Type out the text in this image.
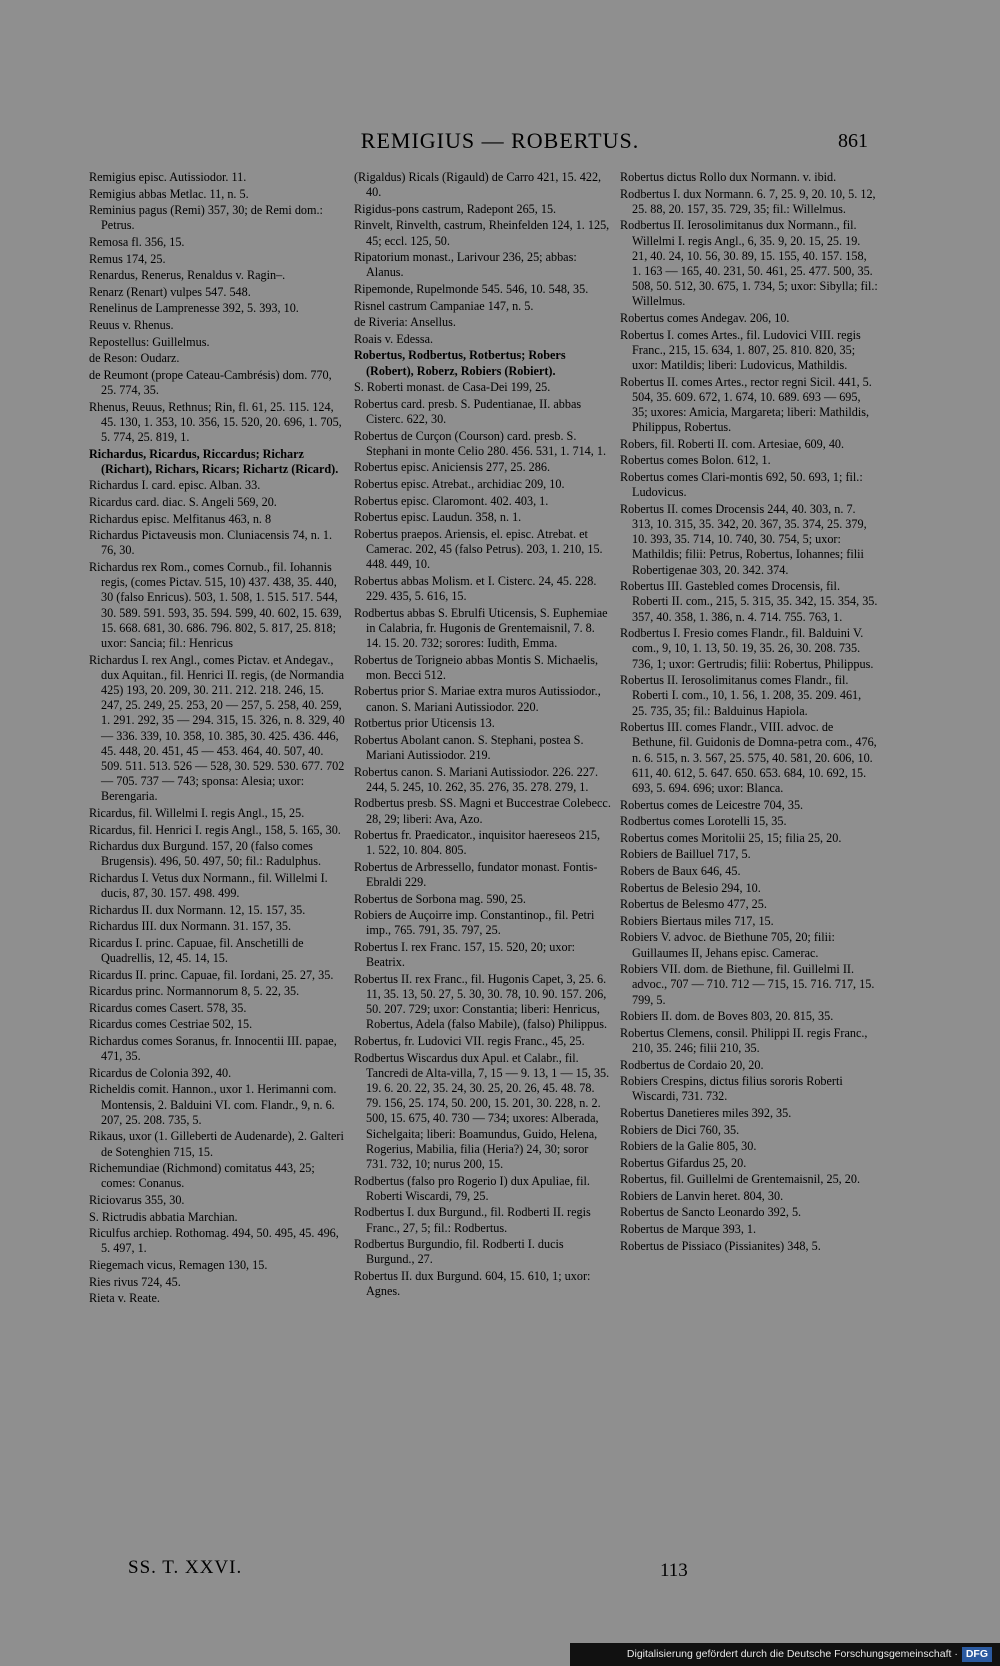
REMIGIUS — ROBERTUS.	861
Remigius episc. Autissiodor. 11.
Remigius abbas Metlac. 11, n. 5.
Reminius pagus (Remi) 357, 30; de Remi dom.: Petrus.
Remosa fl. 356, 15.
Remus 174, 25.
Renardus, Renerus, Renaldus v. Ragin–.
Renarz (Renart) vulpes 547. 548.
Renelinus de Lamprenesse 392, 5. 393, 10.
Reuus v. Rhenus.
Repostellus: Guillelmus.
de Reson: Oudarz.
de Reumont (prope Cateau-Cambrésis) dom. 770, 25. 774, 35.
Rhenus, Reuus, Rethnus; Rin, fl. 61, 25. 115. 124, 45. 130, 1. 353, 10. 356, 15. 520, 20. 696, 1. 705, 5. 774, 25. 819, 1.
Richardus, Ricardus, Riccardus; Richarz (Richart), Richars, Ricars; Richartz (Ricard).
Richardus I. card. episc. Alban. 33.
Ricardus card. diac. S. Angeli 569, 20.
Richardus episc. Melfitanus 463, n. 8
Richardus Pictaveusis mon. Cluniacensis 74, n. 1. 76, 30.
Richardus rex Rom., comes Cornub., fil. Iohannis regis, (comes Pictav. 515, 10) 437. 438, 35. 440, 30 (falso Enricus). 503, 1. 508, 1. 515. 517. 544, 30. 589. 591. 593, 35. 594. 599, 40. 602, 15. 639, 15. 668. 681, 30. 686. 796. 802, 5. 817, 25. 818; uxor: Sancia; fil.: Henricus
Richardus I. rex Angl., comes Pictav. et Andegav., dux Aquitan., fil. Henrici II. regis, (de Normandia 425) 193, 20. 209, 30. 211. 212. 218. 246, 15. 247, 25. 249, 25. 253, 20 — 257, 5. 258, 40. 259, 1. 291. 292, 35 — 294. 315, 15. 326, n. 8. 329, 40 — 336. 339, 10. 358, 10. 385, 30. 425. 436. 446, 45. 448, 20. 451, 45 — 453. 464, 40. 507, 40. 509. 511. 513. 526 — 528, 30. 529. 530. 677. 702 — 705. 737 — 743; sponsa: Alesia; uxor: Berengaria.
Ricardus, fil. Willelmi I. regis Angl., 15, 25.
Ricardus, fil. Henrici I. regis Angl., 158, 5. 165, 30.
Richardus dux Burgund. 157, 20 (falso comes Brugensis). 496, 50. 497, 50; fil.: Radulphus.
Richardus I. Vetus dux Normann., fil. Willelmi I. ducis, 87, 30. 157. 498. 499.
Richardus II. dux Normann. 12, 15. 157, 35.
Richardus III. dux Normann. 31. 157, 35.
Ricardus I. princ. Capuae, fil. Anschetilli de Quadrellis, 12, 45. 14, 15.
Ricardus II. princ. Capuae, fil. Iordani, 25. 27, 35.
Ricardus princ. Normannorum 8, 5. 22, 35.
Ricardus comes Casert. 578, 35.
Ricardus comes Cestriae 502, 15.
Richardus comes Soranus, fr. Innocentii III. papae, 471, 35.
Ricardus de Colonia 392, 40.
Richeldis comit. Hannon., uxor 1. Herimanni com. Montensis, 2. Balduini VI. com. Flandr., 9, n. 6. 207, 25. 208. 735, 5.
Rikaus, uxor (1. Gilleberti de Audenarde), 2. Galteri de Sotenghien 715, 15.
Richemundiae (Richmond) comitatus 443, 25; comes: Conanus.
Riciovarus 355, 30.
S. Rictrudis abbatia Marchian.
Riculfus archiep. Rothomag. 494, 50. 495, 45. 496, 5. 497, 1.
Riegemach vicus, Remagen 130, 15.
Ries rivus 724, 45.
Rieta v. Reate.
(Rigaldus) Ricals (Rigauld) de Carro 421, 15. 422, 40.
Rigidus-pons castrum, Radepont 265, 15.
Rinvelt, Rinvelth, castrum, Rheinfelden 124, 1. 125, 45; eccl. 125, 50.
Ripatorium monast., Larivour 236, 25; abbas: Alanus.
Ripemonde, Rupelmonde 545. 546, 10. 548, 35.
Risnel castrum Campaniae 147, n. 5.
de Riveria: Ansellus.
Roais v. Edessa.
Robertus, Rodbertus, Rotbertus; Robers (Robert), Roberz, Robiers (Robiert).
S. Roberti monast. de Casa-Dei 199, 25.
Robertus card. presb. S. Pudentianae, II. abbas Cisterc. 622, 30.
Robertus de Curçon (Courson) card. presb. S. Stephani in monte Celio 280. 456. 531, 1. 714, 1.
Robertus episc. Aniciensis 277, 25. 286.
Robertus episc. Atrebat., archidiac 209, 10.
Robertus episc. Claromont. 402. 403, 1.
Robertus episc. Laudun. 358, n. 1.
Robertus praepos. Ariensis, el. episc. Atrebat. et Camerac. 202, 45 (falso Petrus). 203, 1. 210, 15. 448. 449, 10.
Robertus abbas Molism. et I. Cisterc. 24, 45. 228. 229. 435, 5. 616, 15.
Rodbertus abbas S. Ebrulfi Uticensis, S. Euphemiae in Calabria, fr. Hugonis de Grentemaisnil, 7. 8. 14. 15. 20. 732; sorores: Iudith, Emma.
Robertus de Torigneio abbas Montis S. Michaelis, mon. Becci 512.
Robertus prior S. Mariae extra muros Autissiodor., canon. S. Mariani Autissiodor. 220.
Rotbertus prior Uticensis 13.
Robertus Abolant canon. S. Stephani, postea S. Mariani Autissiodor. 219.
Robertus canon. S. Mariani Autissiodor. 226. 227. 244, 5. 245, 10. 262, 35. 276, 35. 278. 279, 1.
Rodbertus presb. SS. Magni et Buccestrae Colebecc. 28, 29; liberi: Ava, Azo.
Robertus fr. Praedicator., inquisitor haereseos 215, 1. 522, 10. 804. 805.
Robertus de Arbressello, fundator monast. Fontis-Ebraldi 229.
Robertus de Sorbona mag. 590, 25.
Robiers de Auçoirre imp. Constantinop., fil. Petri imp., 765. 791, 35. 797, 25.
Robertus I. rex Franc. 157, 15. 520, 20; uxor: Beatrix.
Robertus II. rex Franc., fil. Hugonis Capet, 3, 25. 6. 11, 35. 13, 50. 27, 5. 30, 30. 78, 10. 90. 157. 206, 50. 207. 729; uxor: Constantia; liberi: Henricus, Robertus, Adela (falso Mabile), (falso) Philippus.
Robertus, fr. Ludovici VII. regis Franc., 45, 25.
Rodbertus Wiscardus dux Apul. et Calabr., fil. Tancredi de Alta-villa, 7, 15 — 9. 13, 1 — 15, 35. 19. 6. 20. 22, 35. 24, 30. 25, 20. 26, 45. 48. 78. 79. 156, 25. 174, 50. 200, 15. 201, 30. 228, n. 2. 500, 15. 675, 40. 730 — 734; uxores: Alberada, Sichelgaita; liberi: Boamundus, Guido, Helena, Rogerius, Mabilia, filia (Heria?) 24, 30; soror 731. 732, 10; nurus 200, 15.
Rodbertus (falso pro Rogerio I) dux Apuliae, fil. Roberti Wiscardi, 79, 25.
Rodbertus I. dux Burgund., fil. Rodberti II. regis Franc., 27, 5; fil.: Rodbertus.
Rodbertus Burgundio, fil. Rodberti I. ducis Burgund., 27.
Robertus II. dux Burgund. 604, 15. 610, 1; uxor: Agnes.
Robertus dictus Rollo dux Normann. v. ibid.
Rodbertus I. dux Normann. 6. 7, 25. 9, 20. 10, 5. 12, 25. 88, 20. 157, 35. 729, 35; fil.: Willelmus.
Rodbertus II. Ierosolimitanus dux Normann., fil. Willelmi I. regis Angl., 6, 35. 9, 20. 15, 25. 19. 21, 40. 24, 10. 56, 30. 89, 15. 155, 40. 157. 158, 1. 163 — 165, 40. 231, 50. 461, 25. 477. 500, 35. 508, 50. 512, 30. 675, 1. 734, 5; uxor: Sibylla; fil.: Willelmus.
Robertus comes Andegav. 206, 10.
Robertus I. comes Artes., fil. Ludovici VIII. regis Franc., 215, 15. 634, 1. 807, 25. 810. 820, 35; uxor: Matildis; liberi: Ludovicus, Mathildis.
Robertus II. comes Artes., rector regni Sicil. 441, 5. 504, 35. 609. 672, 1. 674, 10. 689. 693 — 695, 35; uxores: Amicia, Margareta; liberi: Mathildis, Philippus, Robertus.
Robers, fil. Roberti II. com. Artesiae, 609, 40.
Robertus comes Bolon. 612, 1.
Robertus comes Clari-montis 692, 50. 693, 1; fil.: Ludovicus.
Robertus II. comes Drocensis 244, 40. 303, n. 7. 313, 10. 315, 35. 342, 20. 367, 35. 374, 25. 379, 10. 393, 35. 714, 10. 740, 30. 754, 5; uxor: Mathildis; filii: Petrus, Robertus, Iohannes; filii Robertigenae 303, 20. 342. 374.
Robertus III. Gastebled comes Drocensis, fil. Roberti II. com., 215, 5. 315, 35. 342, 15. 354, 35. 357, 40. 358, 1. 386, n. 4. 714. 755. 763, 1.
Rodbertus I. Fresio comes Flandr., fil. Balduini V. com., 9, 10, 1. 13, 50. 19, 35. 26, 30. 208. 735. 736, 1; uxor: Gertrudis; filii: Robertus, Philippus.
Robertus II. Ierosolimitanus comes Flandr., fil. Roberti I. com., 10, 1. 56, 1. 208, 35. 209. 461, 25. 735, 35; fil.: Balduinus Hapiola.
Robertus III. comes Flandr., VIII. advoc. de Bethune, fil. Guidonis de Domna-petra com., 476, n. 6. 515, n. 3. 567, 25. 575, 40. 581, 20. 606, 10. 611, 40. 612, 5. 647. 650. 653. 684, 10. 692, 15. 693, 5. 694. 696; uxor: Blanca.
Robertus comes de Leicestre 704, 35.
Rodbertus comes Lorotelli 15, 35.
Robertus comes Moritolii 25, 15; filia 25, 20.
Robiers de Bailluel 717, 5.
Robers de Baux 646, 45.
Robertus de Belesio 294, 10.
Robertus de Belesmo 477, 25.
Robiers Biertaus miles 717, 15.
Robiers V. advoc. de Biethune 705, 20; filii: Guillaumes II, Jehans episc. Camerac.
Robiers VII. dom. de Biethune, fil. Guillelmi II. advoc., 707 — 710. 712 — 715, 15. 716. 717, 15. 799, 5.
Robiers II. dom. de Boves 803, 20. 815, 35.
Robertus Clemens, consil. Philippi II. regis Franc., 210, 35. 246; filii 210, 35.
Rodbertus de Cordaio 20, 20.
Robiers Crespins, dictus filius sororis Roberti Wiscardi, 731. 732.
Robertus Danetieres miles 392, 35.
Robiers de Dici 760, 35.
Robiers de la Galie 805, 30.
Robertus Gifardus 25, 20.
Robertus, fil. Guillelmi de Grentemaisnil, 25, 20.
Robiers de Lanvin heret. 804, 30.
Robertus de Sancto Leonardo 392, 5.
Robertus de Marque 393, 1.
Robertus de Pissiaco (Pissianites) 348, 5.
SS. T. XXVI.	113
Digitalisierung gefördert durch die Deutsche Forschungsgemeinschaft · DFG
